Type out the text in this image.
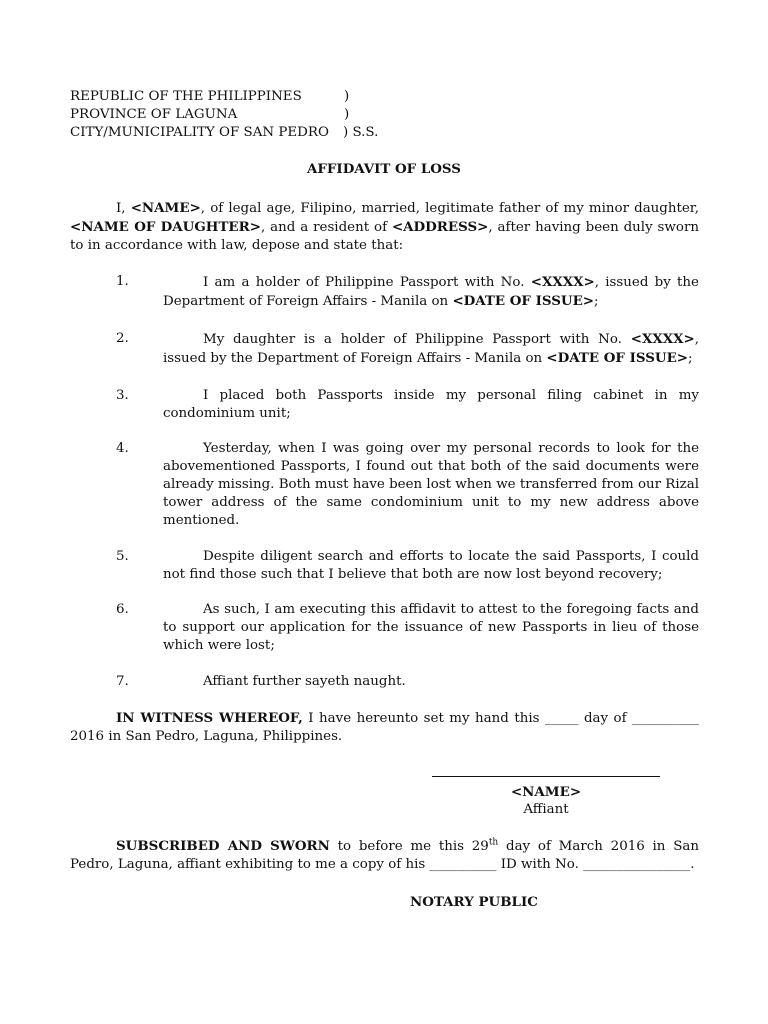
REPUBLIC OF THE PHILIPPINES	)
PROVINCE OF LAGUNA	)
CITY/MUNICIPALITY OF SAN PEDRO ) S.S.
AFFIDAVIT OF LOSS
I, <NAME>, of legal age, Filipino, married, legitimate father of my minor daughter, <NAME OF DAUGHTER>, and a resident of <ADDRESS>, after having been duly sworn to in accordance with law, depose and state that:
1.	I am a holder of Philippine Passport with No. <XXXX>, issued by the Department of Foreign Affairs - Manila on <DATE OF ISSUE>;
2.	My daughter is a holder of Philippine Passport with No. <XXXX>, issued by the Department of Foreign Affairs - Manila on <DATE OF ISSUE>;
3.	I placed both Passports inside my personal filing cabinet in my condominium unit;
4.	Yesterday, when I was going over my personal records to look for the abovementioned Passports, I found out that both of the said documents were already missing. Both must have been lost when we transferred from our Rizal tower address of the same condominium unit to my new address above mentioned.
5.	Despite diligent search and efforts to locate the said Passports, I could not find those such that I believe that both are now lost beyond recovery;
6.	As such, I am executing this affidavit to attest to the foregoing facts and to support our application for the issuance of new Passports in lieu of those which were lost;
7.	Affiant further sayeth naught.
IN WITNESS WHEREOF, I have hereunto set my hand this _____ day of __________ 2016 in San Pedro, Laguna, Philippines.
<NAME>
Affiant
SUBSCRIBED AND SWORN to before me this 29th day of March 2016 in San Pedro, Laguna, affiant exhibiting to me a copy of his __________ ID with No. ________________.
NOTARY PUBLIC
